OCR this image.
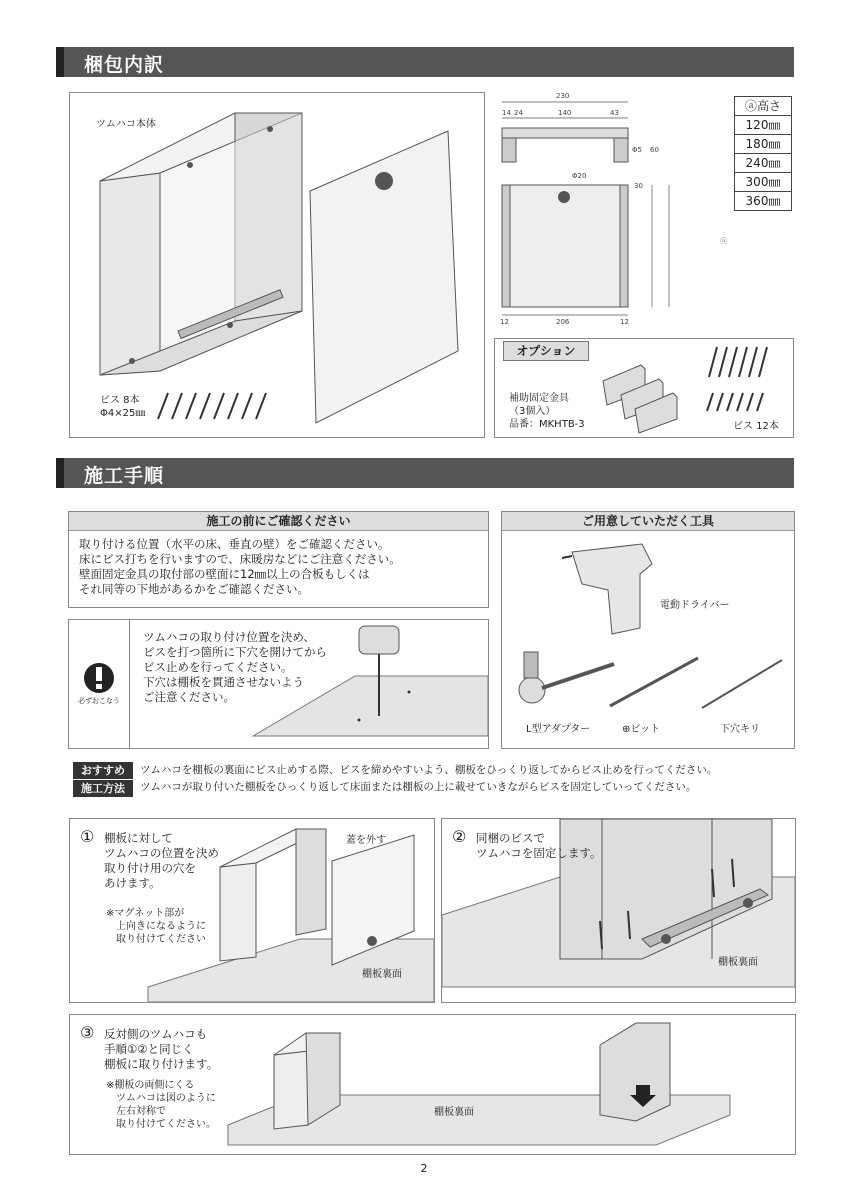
梱包内訳
ツムハコ本体
ビス 8本
Φ4×25㎜
230
14 24	140	43
Φ5 60
Φ20
30
ⓐ
12	206	12
ⓐ高さ
120㎜
180㎜
240㎜
300㎜
360㎜
オプション
補助固定金具
（3個入）
品番：MKHTB-3	ビス 12本
施工手順
施工の前にご確認ください
取り付ける位置（水平の床、垂直の壁）をご確認ください。
床にビス打ちを行いますので、床暖房などにご注意ください。
壁面固定金具の取付部の壁面に12㎜以上の合板もしくは
それ同等の下地があるかをご確認ください。
必ずおこなう
ツムハコの取り付け位置を決め、
ビスを打つ箇所に下穴を開けてから
ビス止めを行ってください。
下穴は棚板を貫通させないよう
ご注意ください。
ご用意していただく工具
電動ドライバー
L型アダプター	⊕ビット	下穴キリ
おすすめ
施工方法
ツムハコを棚板の裏面にビス止めする際、ビスを締めやすいよう、棚板をひっくり返してからビス止めを行ってください。
ツムハコが取り付いた棚板をひっくり返して床面または棚板の上に載せていきながらビスを固定していってください。
① 棚板に対して
ツムハコの位置を決め
取り付け用の穴を
あけます。
※マグネット部が
上向きになるように
取り付けてください
蓋を外す
棚板裏面
② 同梱のビスで
ツムハコを固定します。
棚板裏面
③ 反対側のツムハコも
手順①②と同じく
棚板に取り付けます。
※棚板の両側にくる
ツムハコは図のように
左右対称で
取り付けてください。
棚板裏面
2
